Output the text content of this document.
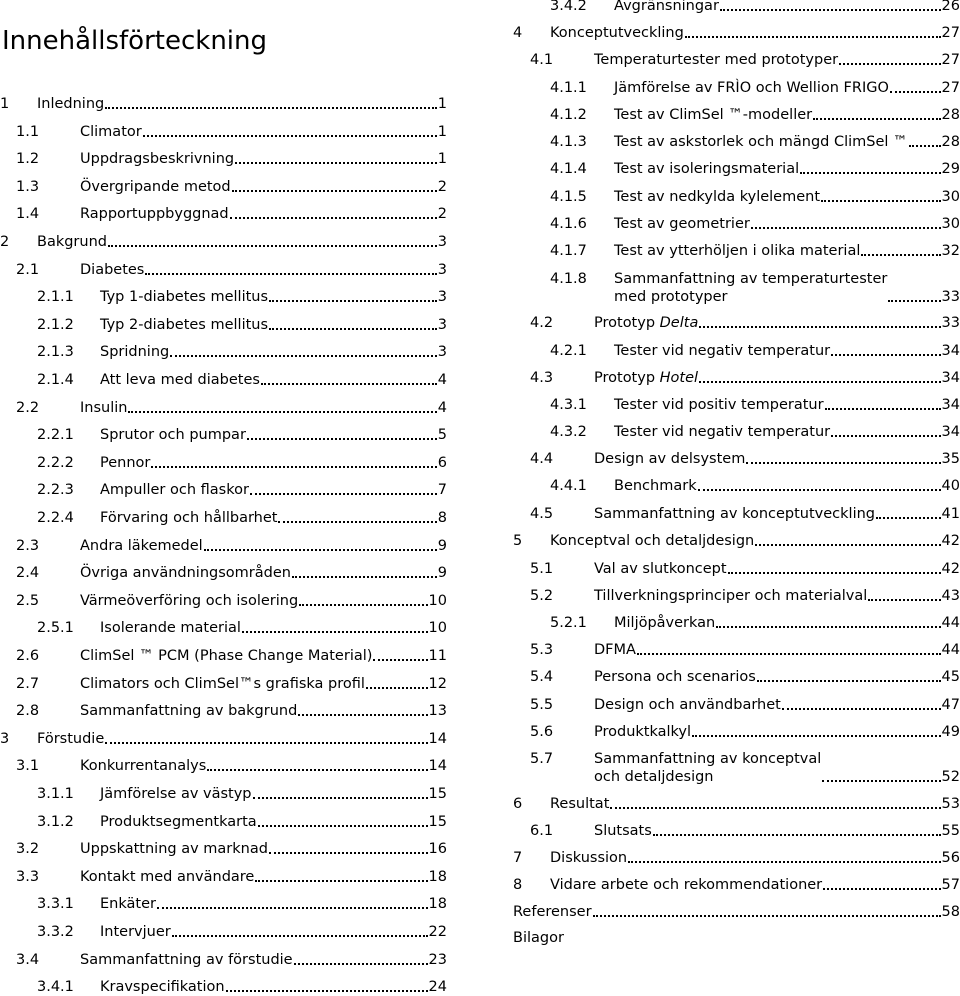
Innehållsförteckning
1 Inledning	1
1.1	Climator	1
1.2	Uppdragsbeskrivning	1
1.3	Övergripande metod	2
1.4	Rapportuppbyggnad	2
2 Bakgrund	3
2.1	Diabetes	3
2.1.1 Typ 1-diabetes mellitus	3
2.1.2 Typ 2-diabetes mellitus	3
2.1.3 Spridning	3
2.1.4 Att leva med diabetes	4
2.2	Insulin	4
2.2.1 Sprutor och pumpar	5
2.2.2 Pennor	6
2.2.3 Ampuller och flaskor	7
2.2.4 Förvaring och hållbarhet	8
2.3	Andra läkemedel	9
2.4	Övriga användningsområden	9
2.5	Värmeöverföring och isolering	10
2.5.1 Isolerande material	10
2.6	ClimSel ™ PCM (Phase Change Material)	11
2.7	Climators och ClimSel™s grafiska profil	12
2.8	Sammanfattning av bakgrund	13
3 Förstudie	14
3.1	Konkurrentanalys	14
3.1.1 Jämförelse av västyp	15
3.1.2 Produktsegmentkarta	15
3.2	Uppskattning av marknad	16
3.3	Kontakt med användare	18
3.3.1 Enkäter	18
3.3.2 Intervjuer	22
3.4	Sammanfattning av förstudie	23
3.4.1 Kravspecifikation	24
3.4.2 Avgränsningar	26
4 Konceptutveckling	27
4.1	Temperaturtester med prototyper	27
4.1.1 Jämförelse av FRÌO och Wellion FRIGO	27
4.1.2 Test av ClimSel ™-modeller	28
4.1.3 Test av askstorlek och mängd ClimSel ™ 28
4.1.4 Test av isoleringsmaterial	29
4.1.5 Test av nedkylda kylelement	30
4.1.6 Test av geometrier	30
4.1.7 Test av ytterhöljen i olika material	32
4.1.8 Sammanfattning av temperaturtester
med prototyper	33
4.2	Prototyp Delta	33
4.2.1 Tester vid negativ temperatur	34
4.3	Prototyp Hotel	34
4.3.1 Tester vid positiv temperatur	34
4.3.2 Tester vid negativ temperatur	34
4.4	Design av delsystem	35
4.4.1 Benchmark	40
4.5	Sammanfattning av konceptutveckling	41
5 Konceptval och detaljdesign	42
5.1	Val av slutkoncept	42
5.2	Tillverkningsprinciper och materialval	43
5.2.1 Miljöpåverkan	44
5.3	DFMA	44
5.4	Persona och scenarios	45
5.5	Design och användbarhet	47
5.6	Produktkalkyl	49
5.7	Sammanfattning av konceptval
och detaljdesign	52
6 Resultat	53
6.1	Slutsats	55
7 Diskussion	56
8 Vidare arbete och rekommendationer	57
Referenser	58
Bilagor
